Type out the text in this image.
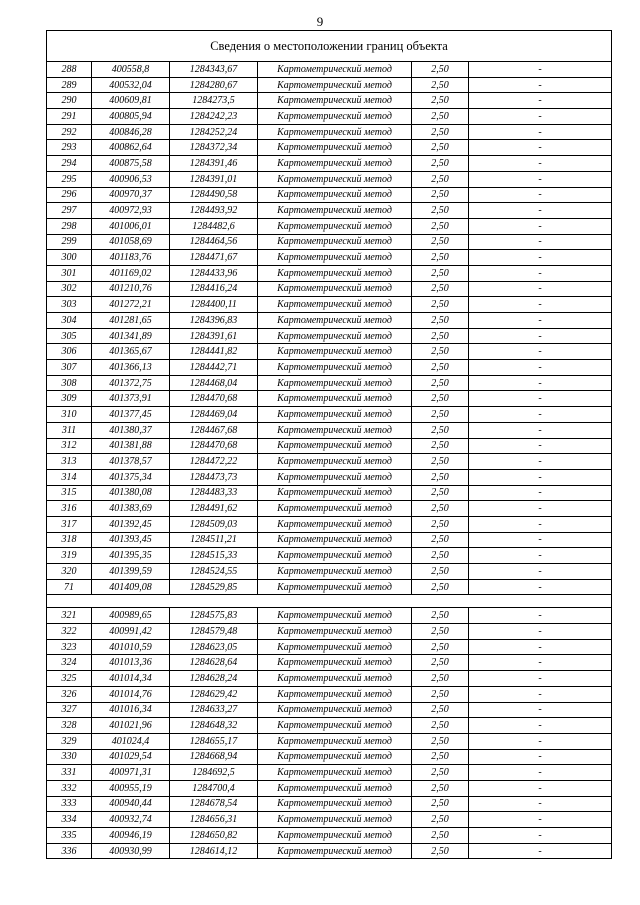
9
Сведения о местоположении границ объекта					
288	400558,8	1284343,67	Картометрический метод	2,50	-
289	400532,04	1284280,67	Картометрический метод	2,50	-
290	400609,81	1284273,5	Картометрический метод	2,50	-
291	400805,94	1284242,23	Картометрический метод	2,50	-
292	400846,28	1284252,24	Картометрический метод	2,50	-
293	400862,64	1284372,34	Картометрический метод	2,50	-
294	400875,58	1284391,46	Картометрический метод	2,50	-
295	400906,53	1284391,01	Картометрический метод	2,50	-
296	400970,37	1284490,58	Картометрический метод	2,50	-
297	400972,93	1284493,92	Картометрический метод	2,50	-
298	401006,01	1284482,6	Картометрический метод	2,50	-
299	401058,69	1284464,56	Картометрический метод	2,50	-
300	401183,76	1284471,67	Картометрический метод	2,50	-
301	401169,02	1284433,96	Картометрический метод	2,50	-
302	401210,76	1284416,24	Картометрический метод	2,50	-
303	401272,21	1284400,11	Картометрический метод	2,50	-
304	401281,65	1284396,83	Картометрический метод	2,50	-
305	401341,89	1284391,61	Картометрический метод	2,50	-
306	401365,67	1284441,82	Картометрический метод	2,50	-
307	401366,13	1284442,71	Картометрический метод	2,50	-
308	401372,75	1284468,04	Картометрический метод	2,50	-
309	401373,91	1284470,68	Картометрический метод	2,50	-
310	401377,45	1284469,04	Картометрический метод	2,50	-
311	401380,37	1284467,68	Картометрический метод	2,50	-
312	401381,88	1284470,68	Картометрический метод	2,50	-
313	401378,57	1284472,22	Картометрический метод	2,50	-
314	401375,34	1284473,73	Картометрический метод	2,50	-
315	401380,08	1284483,33	Картометрический метод	2,50	-
316	401383,69	1284491,62	Картометрический метод	2,50	-
317	401392,45	1284509,03	Картометрический метод	2,50	-
318	401393,45	1284511,21	Картометрический метод	2,50	-
319	401395,35	1284515,33	Картометрический метод	2,50	-
320	401399,59	1284524,55	Картометрический метод	2,50	-
71	401409,08	1284529,85	Картометрический метод	2,50	-

321	400989,65	1284575,83	Картометрический метод	2,50	-
322	400991,42	1284579,48	Картометрический метод	2,50	-
323	401010,59	1284623,05	Картометрический метод	2,50	-
324	401013,36	1284628,64	Картометрический метод	2,50	-
325	401014,34	1284628,24	Картометрический метод	2,50	-
326	401014,76	1284629,42	Картометрический метод	2,50	-
327	401016,34	1284633,27	Картометрический метод	2,50	-
328	401021,96	1284648,32	Картометрический метод	2,50	-
329	401024,4	1284655,17	Картометрический метод	2,50	-
330	401029,54	1284668,94	Картометрический метод	2,50	-
331	400971,31	1284692,5	Картометрический метод	2,50	-
332	400955,19	1284700,4	Картометрический метод	2,50	-
333	400940,44	1284678,54	Картометрический метод	2,50	-
334	400932,74	1284656,31	Картометрический метод	2,50	-
335	400946,19	1284650,82	Картометрический метод	2,50	-
336	400930,99	1284614,12	Картометрический метод	2,50	-
